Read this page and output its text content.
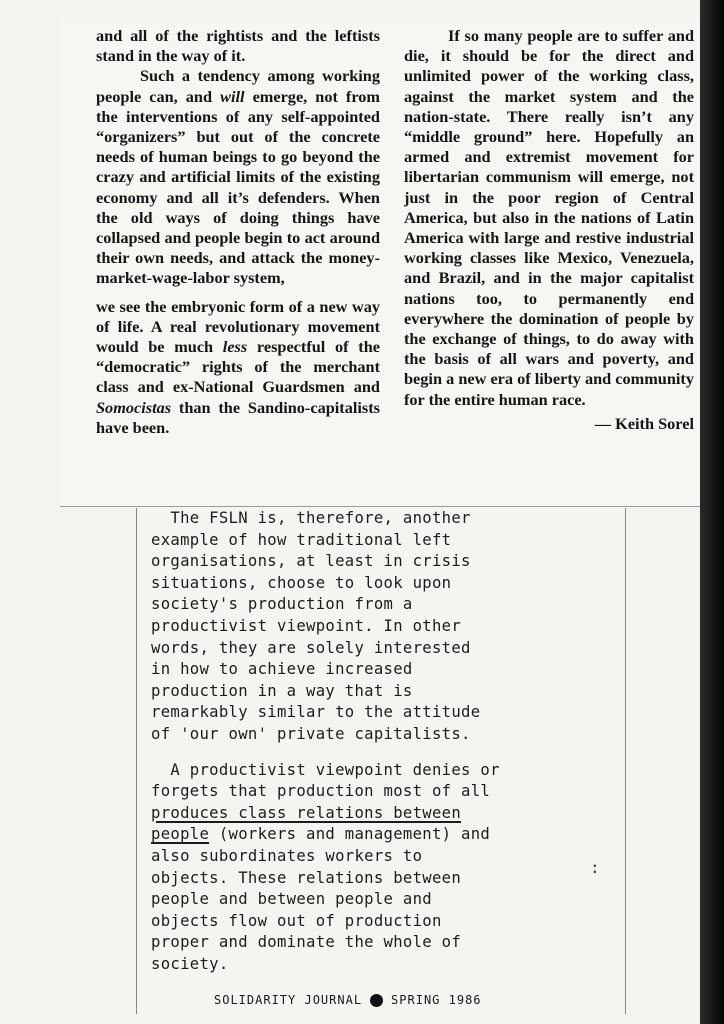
and all of the rightists and the leftists stand in the way of it.

Such a tendency among working people can, and will emerge, not from the interventions of any self-appointed “organizers” but out of the concrete needs of human beings to go beyond the crazy and artificial limits of the existing economy and all it’s defenders. When the old ways of doing things have collapsed and people begin to act around their own needs, and attack the money-market-wage-labor system,

we see the embryonic form of a new way of life. A real revolutionary movement would be much less respectful of the “democratic” rights of the merchant class and ex-National Guardsmen and Somocistas than the Sandino-capitalists have been.

If so many people are to suffer and die, it should be for the direct and unlimited power of the working class, against the market system and the nation-state. There really isn’t any “middle ground” here. Hopefully an armed and extremist movement for libertarian communism will emerge, not just in the poor region of Central America, but also in the nations of Latin America with large and restive industrial working classes like Mexico, Venezuela, and Brazil, and in the major capitalist nations too, to permanently end everywhere the domination of people by the exchange of things, to do away with the basis of all wars and poverty, and begin a new era of liberty and community for the entire human race.

— Keith Sorel

The FSLN is, therefore, another
example of how traditional left
organisations, at least in crisis
situations, choose to look upon
society's production from a
productivist viewpoint. In other
words, they are solely interested
in how to achieve increased
production in a way that is
remarkably similar to the attitude
of 'our own' private capitalists.
A productivist viewpoint denies or
forgets that production most of all
produces class relations between
people (workers and management) and
also subordinates workers to
objects. These relations between
people and between people and
objects flow out of production
proper and dominate the whole of
society.
:
SOLIDARITY JOURNAL SPRING 1986
